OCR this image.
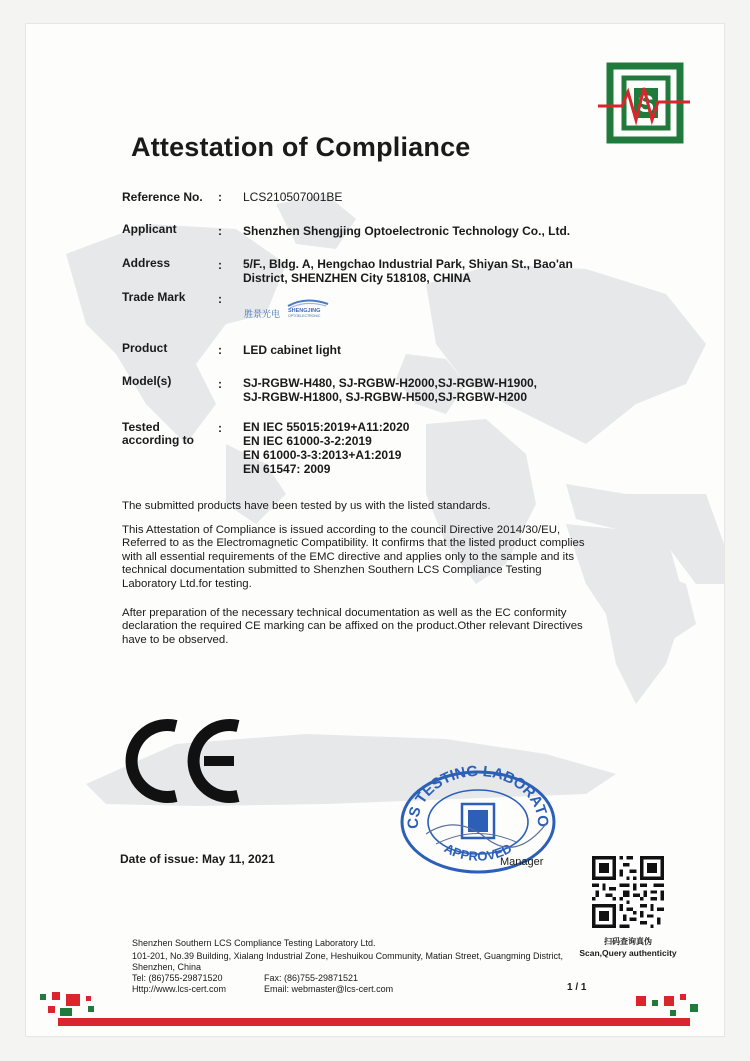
S
Attestation of Compliance
Reference No. : LCS210507001BE
Applicant	: Shenzhen Shengjing Optoelectronic Technology Co., Ltd.
Address	: 5/F., Bldg. A, Hengchao Industrial Park, Shiyan St., Bao'an
District, SHENZHEN City 518108, CHINA
Trade Mark	:
胜景光电 SHENGJING
OPTOELECTRONIC
Product	: LED cabinet light
Model(s)	: SJ-RGBW-H480, SJ-RGBW-H2000,SJ-RGBW-H1900,
SJ-RGBW-H1800, SJ-RGBW-H500,SJ-RGBW-H200
Tested
according to
: EN IEC 55015:2019+A11:2020
EN IEC 61000-3-2:2019
EN 61000-3-3:2013+A1:2019
EN 61547: 2009
The submitted products have been tested by us with the listed standards.
This Attestation of Compliance is issued according to the council Directive 2014/30/EU,
Referred to as the Electromagnetic Compatibility. It confirms that the listed product complies
with all essential requirements of the EMC directive and applies only to the sample and its
technical documentation submitted to Shenzhen Southern LCS Compliance Testing
Laboratory Ltd.for testing.
After preparation of the necessary technical documentation as well as the EC conformity
declaration the required CE marking can be affixed on the product.Other relevant Directives
have to be observed.
CS TESTING LABORATO
APPROVED
Manager
Date of issue: May 11, 2021
扫码查询真伪
Scan,Query authenticity
Shenzhen Southern LCS Compliance Testing Laboratory Ltd.
101-201, No.39 Building, Xialang Industrial Zone, Heshuikou Community, Matian Street, Guangming District,
Shenzhen, China
Tel: (86)755-29871520	Fax: (86)755-29871521
Http://www.lcs-cert.com	Email: webmaster@lcs-cert.com	1 / 1
